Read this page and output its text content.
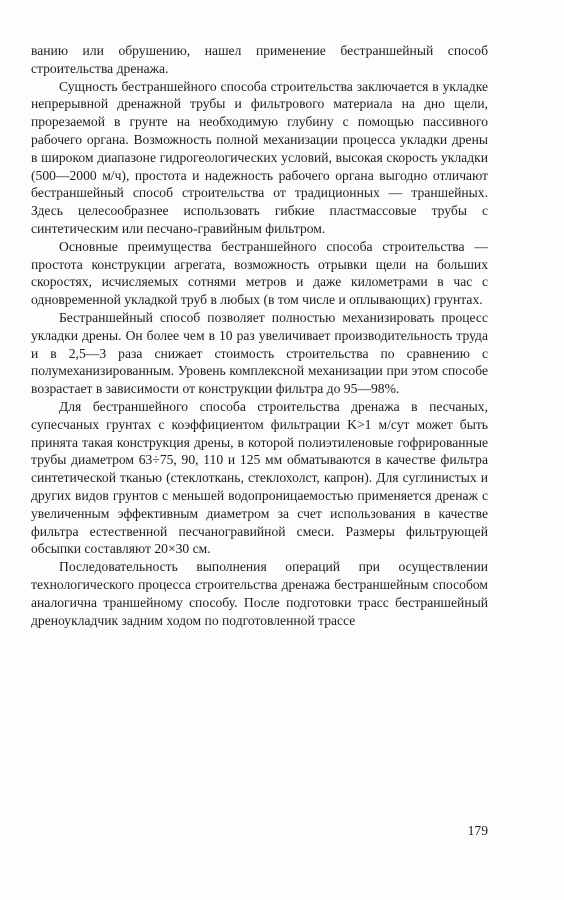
ванию или обрушению, нашел применение бестраншейный способ строительства дренажа.

Сущность бестраншейного способа строительства заключается в укладке непрерывной дренажной трубы и фильтрового материала на дно щели, прорезаемой в грунте на необходимую глубину с помощью пассивного рабочего органа. Возможность полной механизации процесса укладки дрены в широком диапазоне гидрогеологических условий, высокая скорость укладки (500—2000 м/ч), простота и надежность рабочего органа выгодно отличают бестраншейный способ строительства от традиционных — траншейных. Здесь целесообразнее использовать гибкие пластмассовые трубы с синтетическим или песчано-гравийным фильтром.

Основные преимущества бестраншейного способа строительства — простота конструкции агрегата, возможность отрывки щели на больших скоростях, исчисляемых сотнями метров и даже километрами в час с одновременной укладкой труб в любых (в том числе и оплывающих) грунтах.

Бестраншейный способ позволяет полностью механизировать процесс укладки дрены. Он более чем в 10 раз увеличивает производительность труда и в 2,5—3 раза снижает стоимость строительства по сравнению с полумеханизированным. Уровень комплексной механизации при этом способе возрастает в зависимости от конструкции фильтра до 95—98%.

Для бестраншейного способа строительства дренажа в песчаных, супесчаных грунтах с коэффициентом фильтрации K>1 м/сут может быть принята такая конструкция дрены, в которой полиэтиленовые гофрированные трубы диаметром 63÷75, 90, 110 и 125 мм обматываются в качестве фильтра синтетической тканью (стеклоткань, стеклохолст, капрон). Для суглинистых и других видов грунтов с меньшей водопроницаемостью применяется дренаж с увеличенным эффективным диаметром за счет использования в качестве фильтра естественной песчаногравийной смеси. Размеры фильтрующей обсыпки составляют 20×30 см.

Последовательность выполнения операций при осуществлении технологического процесса строительства дренажа бестраншейным способом аналогична траншейному способу. После подготовки трасс бестраншейный дреноукладчик задним ходом по подготовленной трассе

179
